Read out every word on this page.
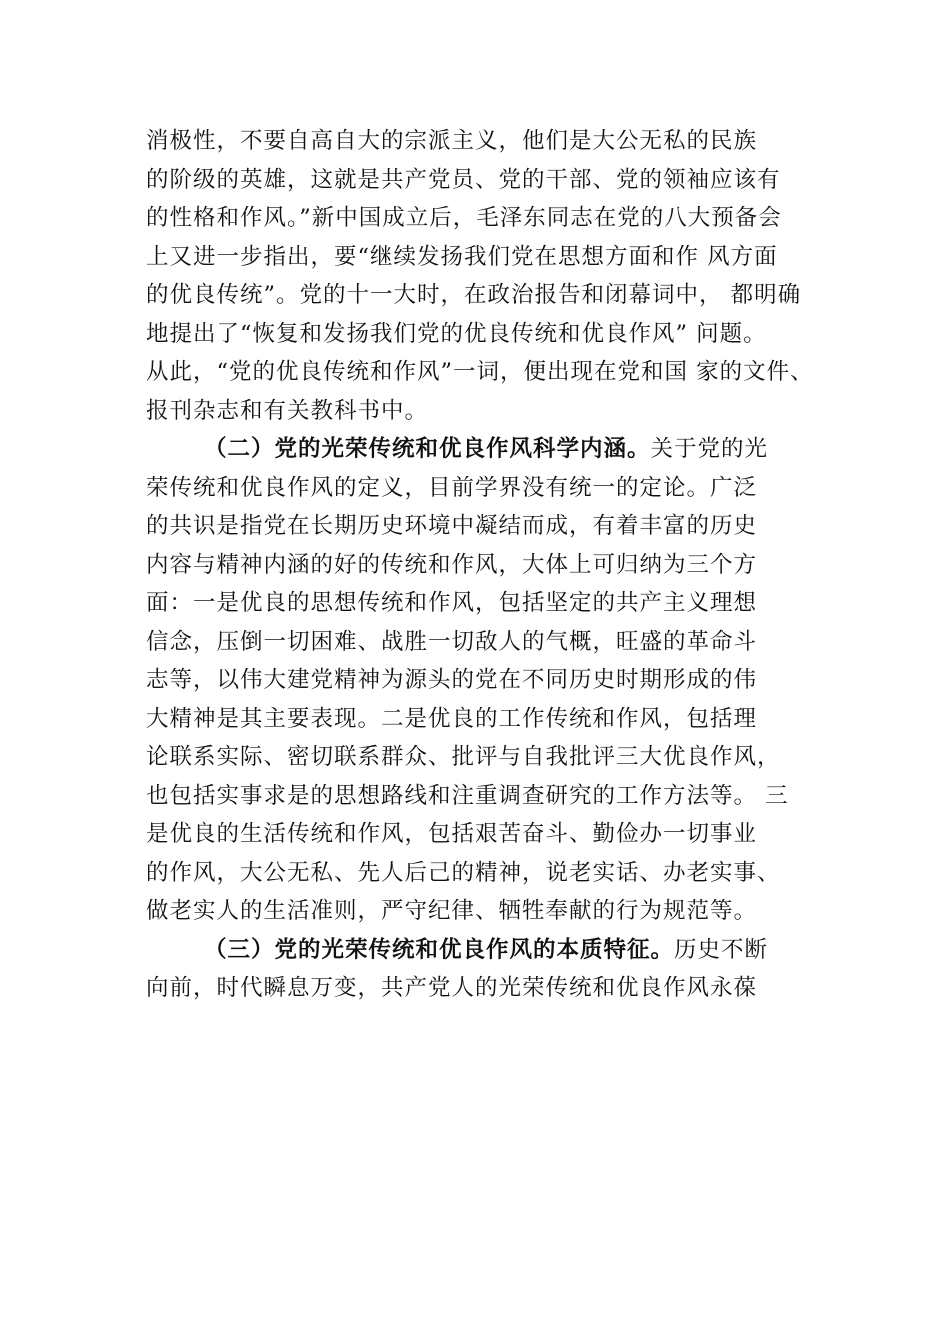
消极性，不要自高自大的宗派主义，他们是大公无私的民族
的阶级的英雄，这就是共产党员、党的干部、党的领袖应该有
的性格和作风。”新中国成立后，毛泽东同志在党的八大预备会
上又进一步指出，要“继续发扬我们党在思想方面和作 风方面
的优良传统”。党的十一大时，在政治报告和闭幕词中， 都明确
地提出了“恢复和发扬我们党的优良传统和优良作风” 问题。
从此，“党的优良传统和作风”一词，便出现在党和国 家的文件、
报刊杂志和有关教科书中。
（二）党的光荣传统和优良作风科学内涵。关于党的光
荣传统和优良作风的定义，目前学界没有统一的定论。广泛
的共识是指党在长期历史环境中凝结而成，有着丰富的历史
内容与精神内涵的好的传统和作风，大体上可归纳为三个方
面：一是优良的思想传统和作风，包括坚定的共产主义理想
信念，压倒一切困难、战胜一切敌人的气概，旺盛的革命斗
志等，以伟大建党精神为源头的党在不同历史时期形成的伟
大精神是其主要表现。二是优良的工作传统和作风，包括理
论联系实际、密切联系群众、批评与自我批评三大优良作风，
也包括实事求是的思想路线和注重调查研究的工作方法等。 三
是优良的生活传统和作风，包括艰苦奋斗、勤俭办一切事业
的作风，大公无私、先人后己的精神，说老实话、办老实事、
做老实人的生活准则，严守纪律、牺牲奉献的行为规范等。
（三）党的光荣传统和优良作风的本质特征。历史不断
向前，时代瞬息万变，共产党人的光荣传统和优良作风永葆
